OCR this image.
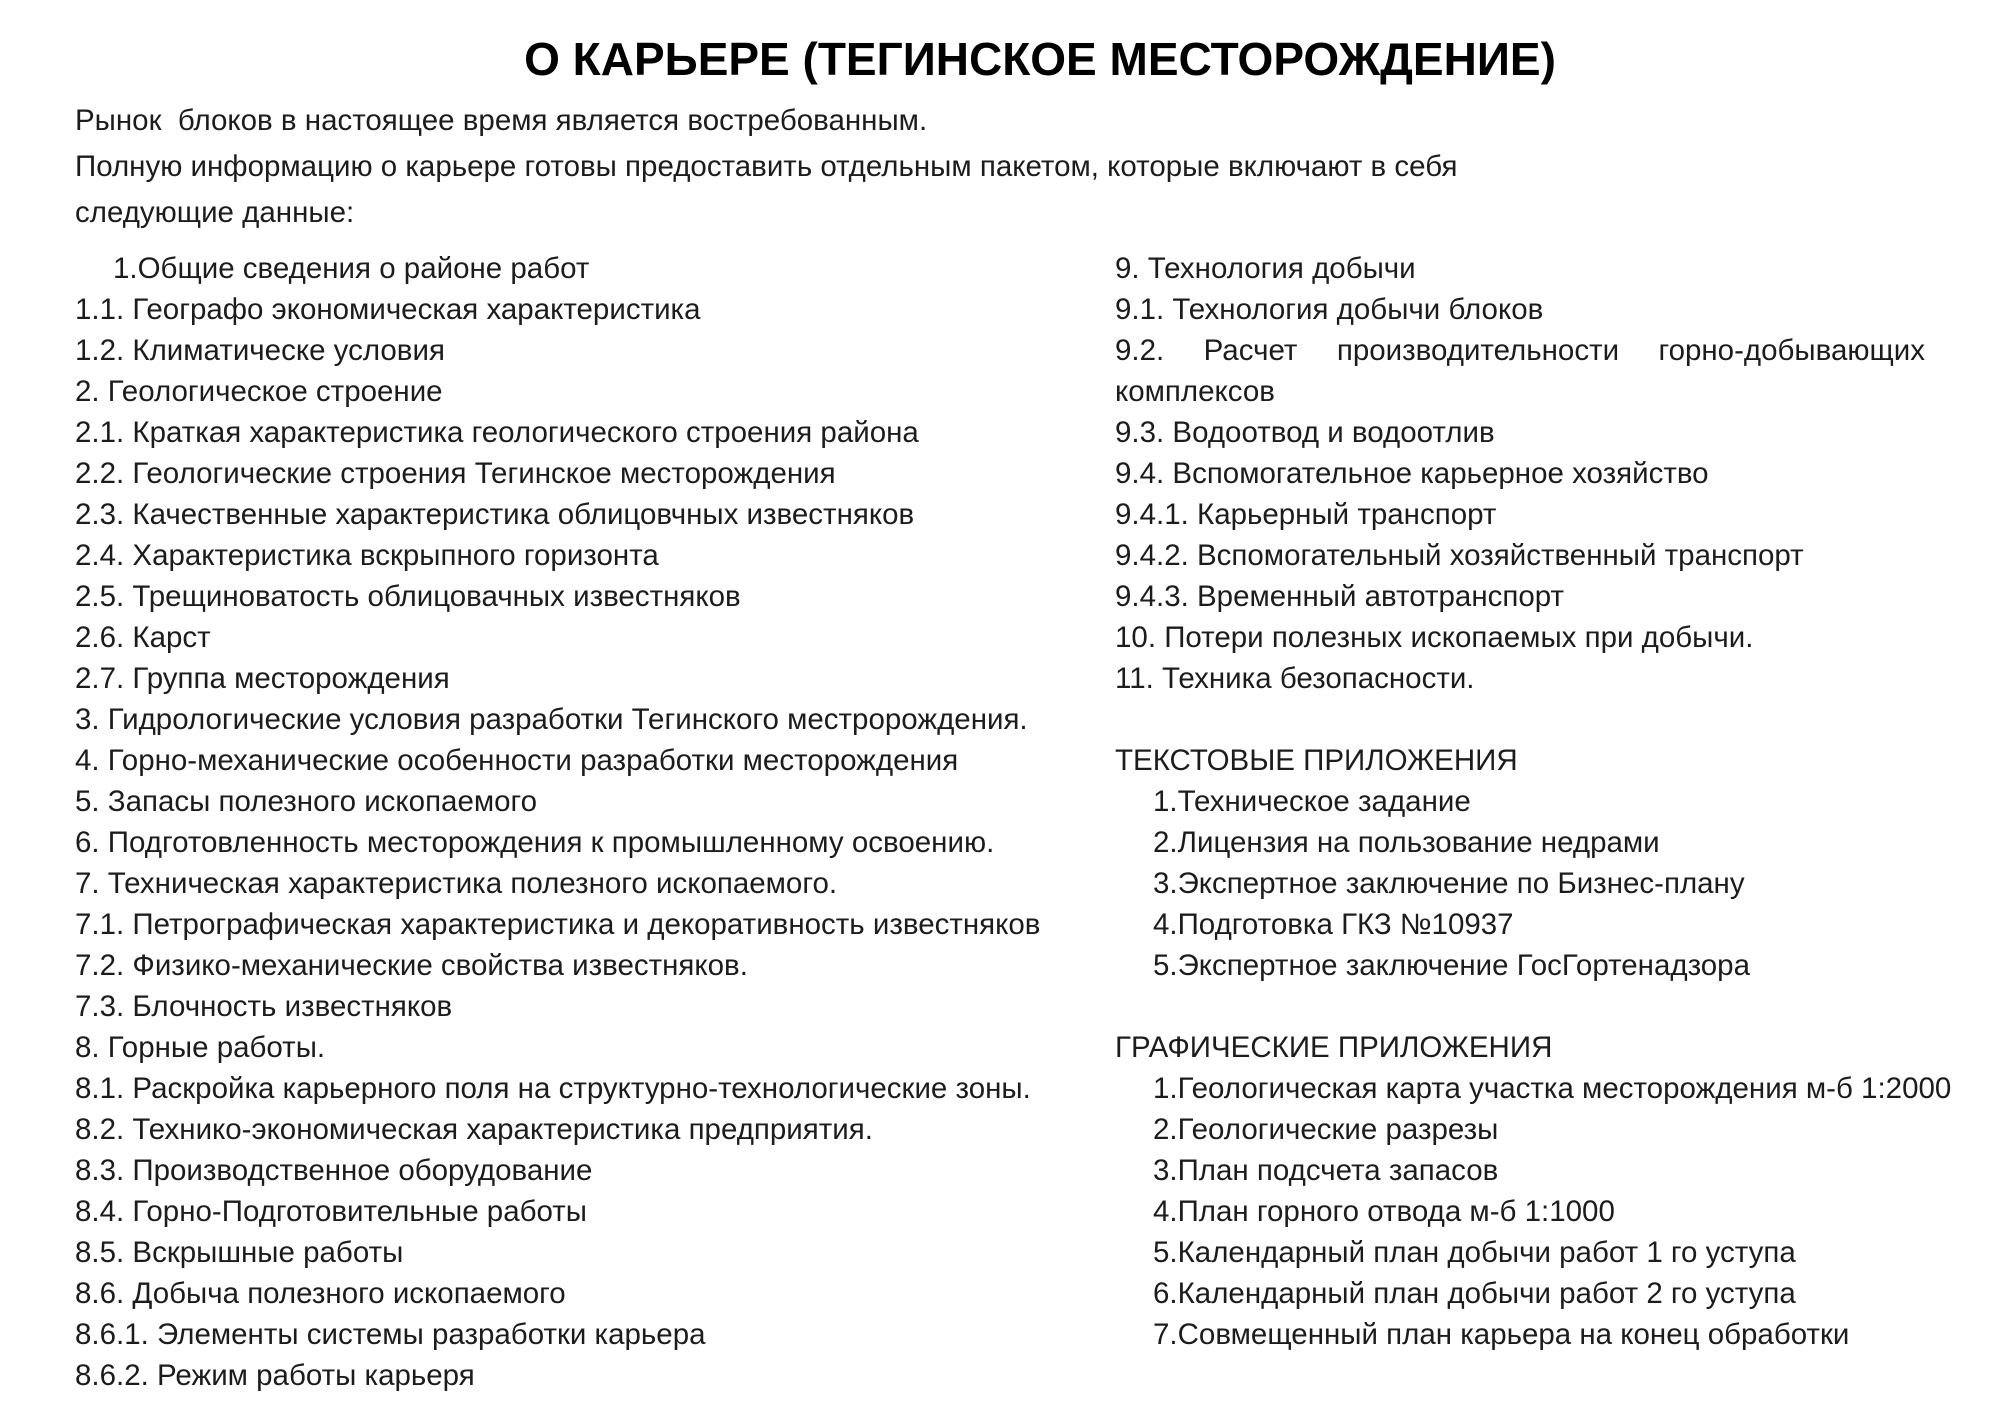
О КАРЬЕРЕ (ТЕГИНСКОЕ МЕСТОРОЖДЕНИЕ)
Рынок  блоков в настоящее время является востребованным.
Полную информацию о карьере готовы предоставить отдельным пакетом, которые включают в себя
следующие данные:
1.Общие сведения о районе работ
1.1. Географо экономическая характеристика
1.2. Климатическе условия
2. Геологическое строение
2.1. Краткая характеристика геологического строения района
2.2. Геологические строения Тегинское месторождения
2.3. Качественные характеристика облицовчных известняков
2.4. Характеристика вскрыпного горизонта
2.5. Трещиноватость облицовачных известняков
2.6. Карст
2.7. Группа месторождения
3. Гидрологические условия разработки Тегинского местророждения.
4. Горно-механические особенности разработки месторождения
5. Запасы полезного ископаемого
6. Подготовленность месторождения к промышленному освоению.
7. Техническая характеристика полезного ископаемого.
7.1. Петрографическая характеристика и декоративность известняков
7.2. Физико-механические свойства известняков.
7.3. Блочность известняков
8. Горные работы.
8.1. Раскройка карьерного поля на структурно-технологические зоны.
8.2. Технико-экономическая характеристика предприятия.
8.3. Производственное оборудование
8.4. Горно-Подготовительные работы
8.5. Вскрышные работы
8.6. Добыча полезного ископаемого
8.6.1. Элементы системы разработки карьера
8.6.2. Режим работы карьеря
9. Технология добычи
9.1. Технология добычи блоков
9.2. Расчет производительности горно-добывающих
комплексов
9.3. Водоотвод и водоотлив
9.4. Вспомогательное карьерное хозяйство
9.4.1. Карьерный транспорт
9.4.2. Вспомогательный хозяйственный транспорт
9.4.3. Временный автотранспорт
10. Потери полезных ископаемых при добычи.
11. Техника безопасности.
ТЕКСТОВЫЕ ПРИЛОЖЕНИЯ
1.Техническое задание
2.Лицензия на пользование недрами
3.Экспертное заключение по Бизнес-плану
4.Подготовка ГКЗ №10937
5.Экспертное заключение ГосГортенадзора
ГРАФИЧЕСКИЕ ПРИЛОЖЕНИЯ
1.Геологическая карта участка месторождения м-б 1:2000
2.Геологические разрезы
3.План подсчета запасов
4.План горного отвода м-б 1:1000
5.Календарный план добычи работ 1 го уступа
6.Календарный план добычи работ 2 го уступа
7.Совмещенный план карьера на конец обработки
